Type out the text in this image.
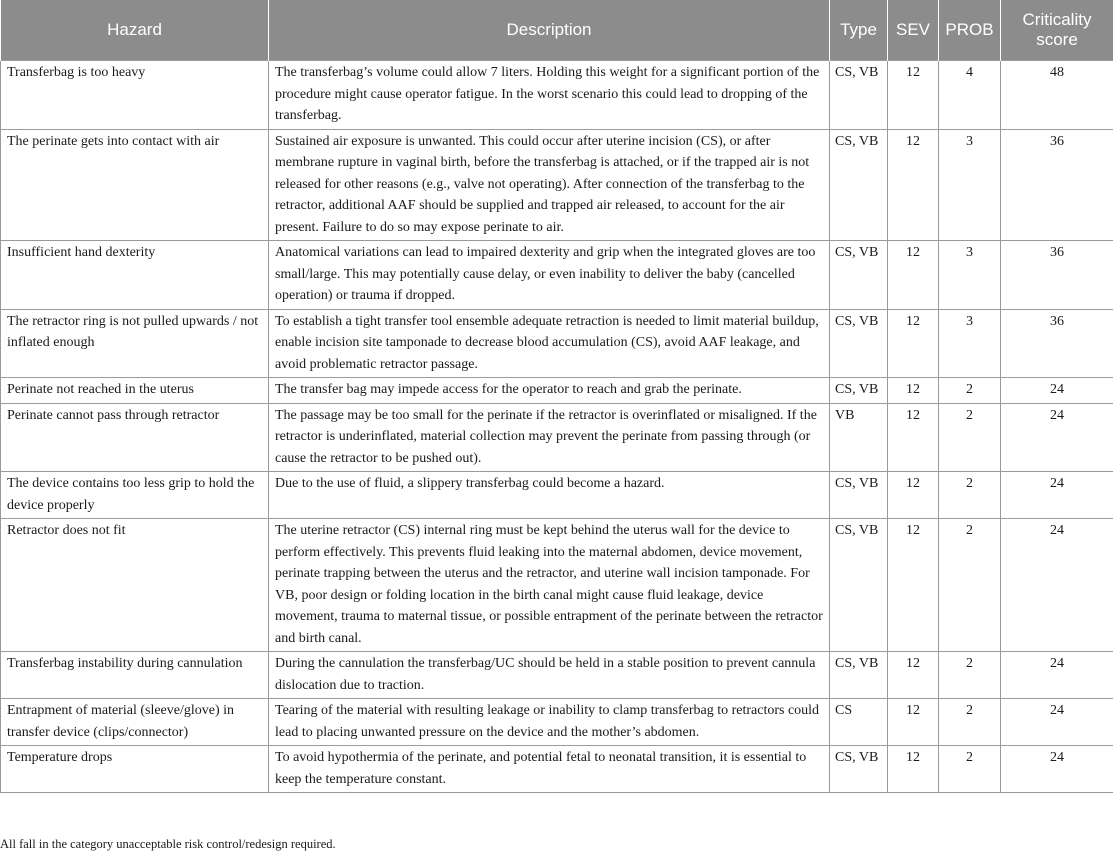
Hazard	Description	Type	SEV	PROB	Criticality score
Transferbag is too heavy	The transferbag’s volume could allow 7 liters. Holding this weight for a significant portion of the procedure might cause operator fatigue. In the worst scenario this could lead to dropping of the transferbag.	CS, VB	12	4	48
The perinate gets into contact with air	Sustained air exposure is unwanted. This could occur after uterine incision (CS), or after membrane rupture in vaginal birth, before the transferbag is attached, or if the trapped air is not released for other reasons (e.g., valve not operating). After connection of the transferbag to the retractor, additional AAF should be supplied and trapped air released, to account for the air present. Failure to do so may expose perinate to air.	CS, VB	12	3	36
Insufficient hand dexterity	Anatomical variations can lead to impaired dexterity and grip when the integrated gloves are too small/large. This may potentially cause delay, or even inability to deliver the baby (cancelled operation) or trauma if dropped.	CS, VB	12	3	36
The retractor ring is not pulled upwards / not inflated enough	To establish a tight transfer tool ensemble adequate retraction is needed to limit material buildup, enable incision site tamponade to decrease blood accumulation (CS), avoid AAF leakage, and avoid problematic retractor passage.	CS, VB	12	3	36
Perinate not reached in the uterus	The transfer bag may impede access for the operator to reach and grab the perinate.	CS, VB	12	2	24
Perinate cannot pass through retractor	The passage may be too small for the perinate if the retractor is overinflated or misaligned. If the retractor is underinflated, material collection may prevent the perinate from passing through (or cause the retractor to be pushed out).	VB	12	2	24
The device contains too less grip to hold the device properly	Due to the use of fluid, a slippery transferbag could become a hazard.	CS, VB	12	2	24
Retractor does not fit	The uterine retractor (CS) internal ring must be kept behind the uterus wall for the device to perform effectively. This prevents fluid leaking into the maternal abdomen, device movement, perinate trapping between the uterus and the retractor, and uterine wall incision tamponade. For VB, poor design or folding location in the birth canal might cause fluid leakage, device movement, trauma to maternal tissue, or possible entrapment of the perinate between the retractor and birth canal.	CS, VB	12	2	24
Transferbag instability during cannulation	During the cannulation the transferbag/UC should be held in a stable position to prevent cannula dislocation due to traction.	CS, VB	12	2	24
Entrapment of material (sleeve/glove) in transfer device (clips/connector)	Tearing of the material with resulting leakage or inability to clamp transferbag to retractors could lead to placing unwanted pressure on the device and the mother’s abdomen.	CS	12	2	24
Temperature drops	To avoid hypothermia of the perinate, and potential fetal to neonatal transition, it is essential to keep the temperature constant.	CS, VB	12	2	24
All fall in the category unacceptable risk control/redesign required.
